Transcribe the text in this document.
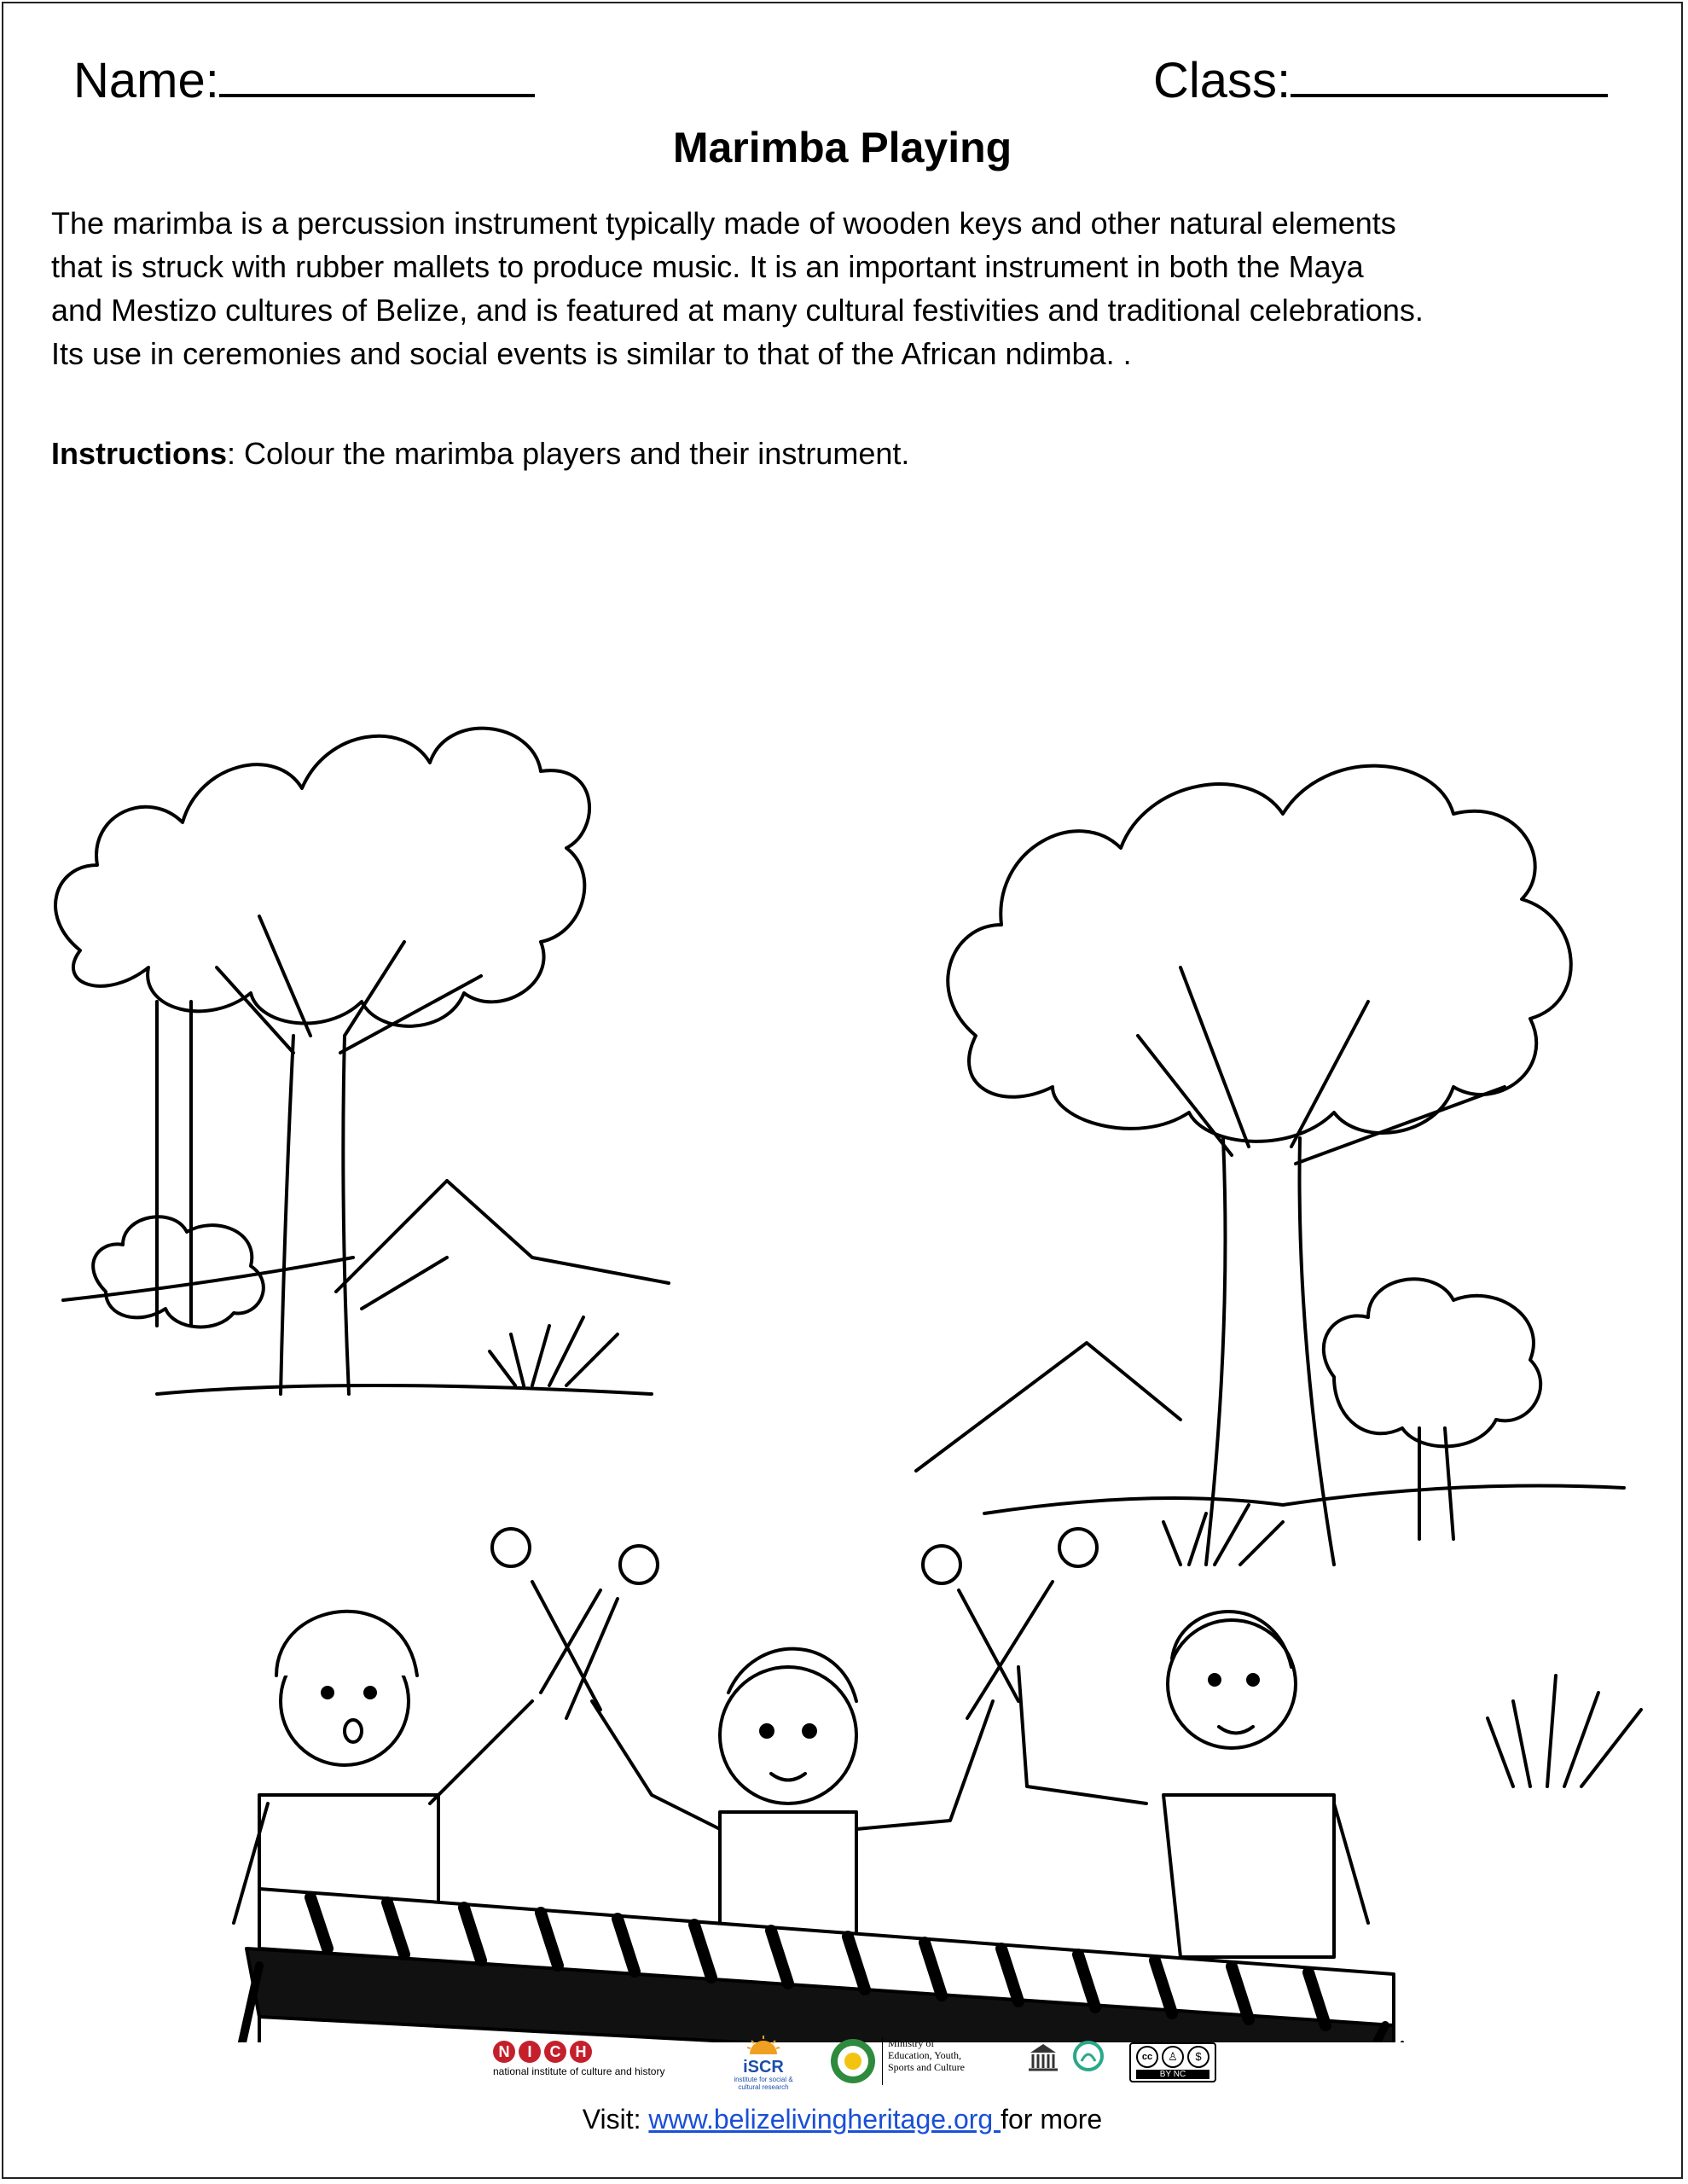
Name:	Class:
Marimba Playing

The marimba is a percussion instrument typically made of wooden keys and other natural elements
that is struck with rubber mallets to produce music. It is an important instrument in both the Maya
and Mestizo cultures of Belize, and is featured at many cultural festivities and traditional celebrations.
Its use in ceremonies and social events is similar to that of the African ndimba. .

Instructions: Colour the marimba players and their instrument.

N	I	C H
national institute of culture and history	iSCR
institute for social & cultural research
Ministry of
Education, Youth,
Sports and Culture
cc	♙	$
BY NC
Visit: www.belizelivingheritage.org for more
